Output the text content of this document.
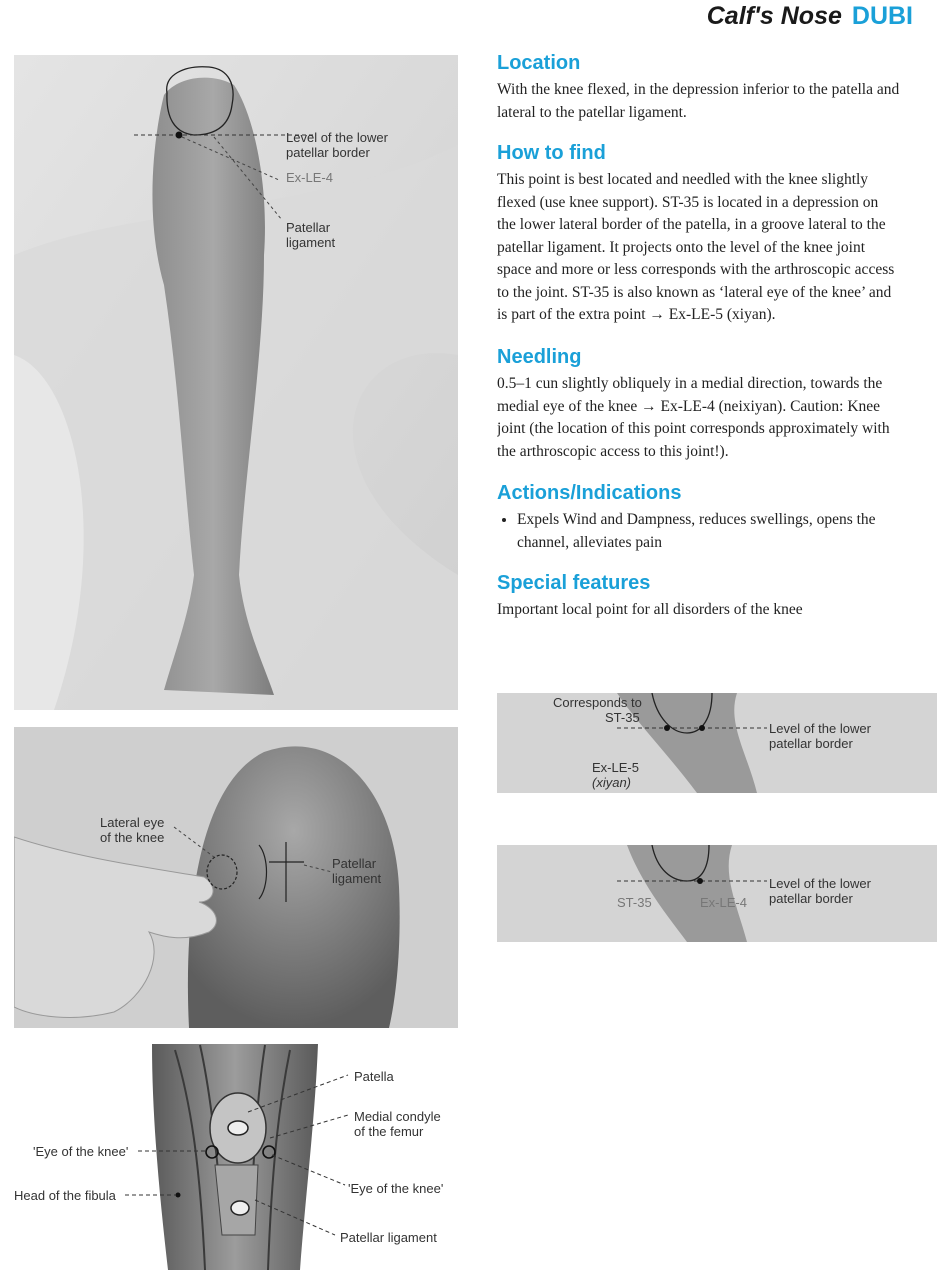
Calf's Nose DUBI
Location

With the knee flexed, in the depression inferior to the patella and

lateral to the patellar ligament.

How to find

This point is best located and needled with the knee slightly

flexed (use knee support). ST-35 is located in a depression on

the lower lateral border of the patella, in a groove lateral to the

patellar ligament. It projects onto the level of the knee joint

space and more or less corresponds with the arthroscopic access

to the joint. ST-35 is also known as ‘lateral eye of the knee’ and

is part of the extra point → Ex-LE-5 (xiyan).

Needling

0.5–1 cun slightly obliquely in a medial direction, towards the

medial eye of the knee → Ex-LE-4 (neixiyan). Caution: Knee

joint (the location of this point corresponds approximately with

the arthroscopic access to this joint!).

Actions/Indications
• Expels Wind and Dampness, reduces swellings, opens the
channel, alleviates pain
Special features

Important local point for all disorders of the knee

Level of the lower
patellar border
Ex-LE-4
Patellar
ligament
Corresponds to
ST-35
Level of the lower
patellar border
Ex-LE-5
(xiyan)
ST-35	Ex-LE-4
Level of the lower
patellar border
Lateral eye
of the knee
Patellar
ligament
Patella
Medial condyle
of the femur
'Eye of the knee'
Patellar ligament
'Eye of the knee'
Head of the fibula
